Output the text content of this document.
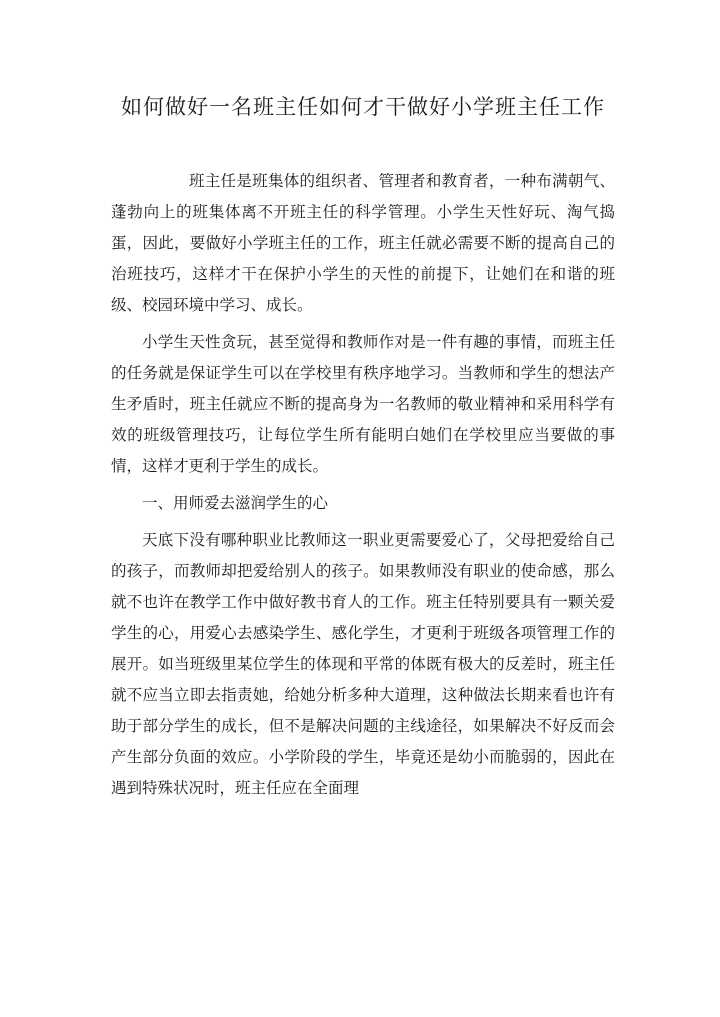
如何做好一名班主任如何才干做好小学班主任工作

班主任是班集体的组织者、管理者和教育者，一种布满朝气、蓬勃向上的班集体离不开班主任的科学管理。小学生天性好玩、淘气捣蛋，因此，要做好小学班主任的工作，班主任就必需要不断的提高自己的治班技巧，这样才干在保护小学生的天性的前提下，让她们在和谐的班级、校园环境中学习、成长。

小学生天性贪玩，甚至觉得和教师作对是一件有趣的事情，而班主任的任务就是保证学生可以在学校里有秩序地学习。当教师和学生的想法产生矛盾时，班主任就应不断的提高身为一名教师的敬业精神和采用科学有效的班级管理技巧，让每位学生所有能明白她们在学校里应当要做的事情，这样才更利于学生的成长。

一、用师爱去滋润学生的心

天底下没有哪种职业比教师这一职业更需要爱心了，父母把爱给自己的孩子，而教师却把爱给别人的孩子。如果教师没有职业的使命感，那么就不也许在教学工作中做好教书育人的工作。班主任特别要具有一颗关爱学生的心，用爱心去感染学生、感化学生，才更利于班级各项管理工作的展开。如当班级里某位学生的体现和平常的体既有极大的反差时，班主任就不应当立即去指责她，给她分析多种大道理，这种做法长期来看也许有助于部分学生的成长，但不是解决问题的主线途径，如果解决不好反而会产生部分负面的效应。小学阶段的学生，毕竟还是幼小而脆弱的，因此在遇到特殊状况时，班主任应在全面理
